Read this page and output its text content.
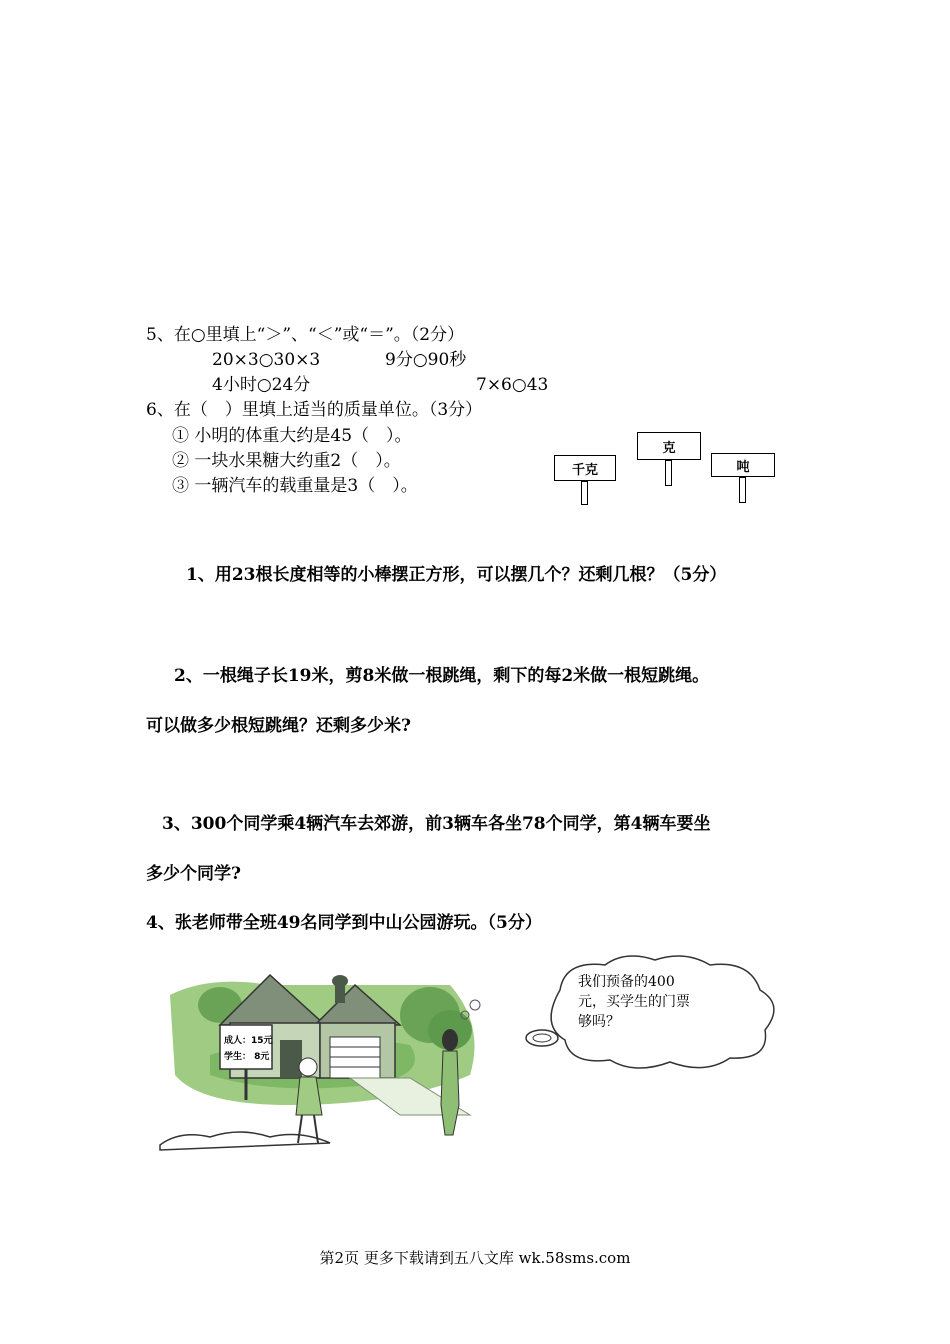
5、在○里填上“＞”、“＜”或“＝”。（2分）
20×3○30×3	9分○90秒
4小时○24分	7×6○43
6、在（　）里填上适当的质量单位。（3分）
① 小明的体重大约是45（　）。
② 一块水果糖大约重2（　）。
③ 一辆汽车的载重量是3（　）。
千克
克
吨
1、用23根长度相等的小棒摆正方形，可以摆几个？还剩几根？（5分）
2、一根绳子长19米，剪8米做一根跳绳，剩下的每2米做一根短跳绳。
可以做多少根短跳绳？还剩多少米?
3、300个同学乘4辆汽车去郊游，前3辆车各坐78个同学，第4辆车要坐
多少个同学?
4、张老师带全班49名同学到中山公园游玩。（5分）
成人：15元
学生： 8元
我们预备的400
元，买学生的门票
够吗？
第2页 更多下载请到五八文库 wk.58sms.com
